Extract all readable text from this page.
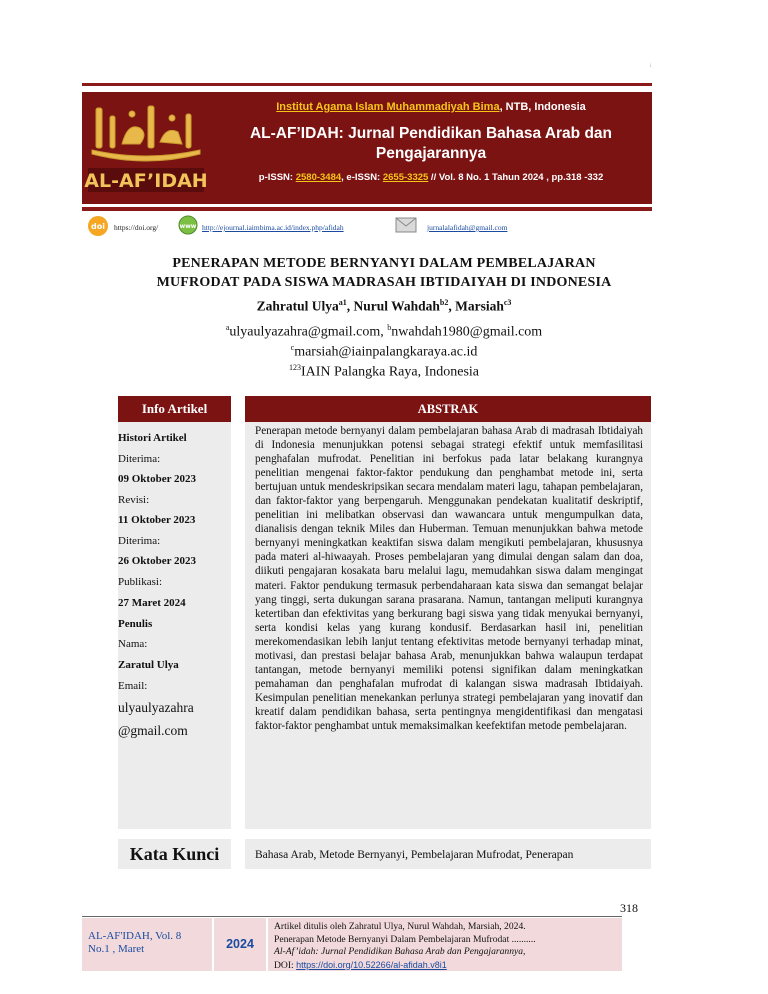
i
AL-AF’IDAH
Institut Agama Islam Muhammadiyah Bima, NTB, Indonesia
AL-AF’IDAH: Jurnal Pendidikan Bahasa Arab dan Pengajarannya
p-ISSN: 2580-3484, e-ISSN: 2655-3325 // Vol. 8 No. 1 Tahun 2024 , pp.318 -332
doi https://doi.org/	www http://ejournal.iaimbima.ac.id/index.php/afidah	jurnalalafidah@gmail.com
PENERAPAN METODE BERNYANYI DALAM PEMBELAJARAN
MUFRODAT PADA SISWA MADRASAH IBTIDAIYAH DI INDONESIA
Zahratul Ulya$^{a1}$, Nurul Wahdah$^{b2}$, Marsiah$^{c3}$
$^a$ulyaulyazahra@gmail.com, $^b$nwahdah1980@gmail.com
$^c$marsiah@iainpalangkaraya.ac.id
$^{123}$IAIN Palangka Raya, Indonesia
Info Artikel
Histori Artikel
Diterima:
09 Oktober 2023
Revisi:
11 Oktober 2023
Diterima:
26 Oktober 2023
Publikasi:
27 Maret 2024
Penulis
Nama:
Zaratul Ulya
Email:
ulyaulyazahra
@gmail.com
ABSTRAK
Penerapan metode bernyanyi dalam pembelajaran bahasa Arab di madrasah Ibtidaiyah di Indonesia menunjukkan potensi sebagai strategi efektif untuk memfasilitasi penghafalan mufrodat. Penelitian ini berfokus pada latar belakang kurangnya penelitian mengenai faktor-faktor pendukung dan penghambat metode ini, serta bertujuan untuk mendeskripsikan secara mendalam materi lagu, tahapan pembelajaran, dan faktor-faktor yang berpengaruh. Menggunakan pendekatan kualitatif deskriptif, penelitian ini melibatkan observasi dan wawancara untuk mengumpulkan data, dianalisis dengan teknik Miles dan Huberman. Temuan menunjukkan bahwa metode bernyanyi meningkatkan keaktifan siswa dalam mengikuti pembelajaran, khususnya pada materi al-hiwaayah. Proses pembelajaran yang dimulai dengan salam dan doa, diikuti pengajaran kosakata baru melalui lagu, memudahkan siswa dalam mengingat materi. Faktor pendukung termasuk perbendaharaan kata siswa dan semangat belajar yang tinggi, serta dukungan sarana prasarana. Namun, tantangan meliputi kurangnya ketertiban dan efektivitas yang berkurang bagi siswa yang tidak menyukai bernyanyi, serta kondisi kelas yang kurang kondusif. Berdasarkan hasil ini, penelitian merekomendasikan lebih lanjut tentang efektivitas metode bernyanyi terhadap minat, motivasi, dan prestasi belajar bahasa Arab, menunjukkan bahwa walaupun terdapat tantangan, metode bernyanyi memiliki potensi signifikan dalam meningkatkan pemahaman dan penghafalan mufrodat di kalangan siswa madrasah Ibtidaiyah. Kesimpulan penelitian menekankan perlunya strategi pembelajaran yang inovatif dan kreatif dalam pendidikan bahasa, serta pentingnya mengidentifikasi dan mengatasi faktor-faktor penghambat untuk memaksimalkan keefektifan metode pembelajaran.
Kata Kunci	Bahasa Arab, Metode Bernyanyi, Pembelajaran Mufrodat, Penerapan
318
AL-AF'IDAH, Vol. 8
No.1 , Maret	2024
Artikel ditulis oleh Zahratul Ulya, Nurul Wahdah, Marsiah, 2024.
Penerapan Metode Bernyanyi Dalam Pembelajaran Mufrodat ..........
Al-Af’idah: Jurnal Pendidikan Bahasa Arab dan Pengajarannya,
DOI: https://doi.org/10.52266/al-afidah.v8i1
